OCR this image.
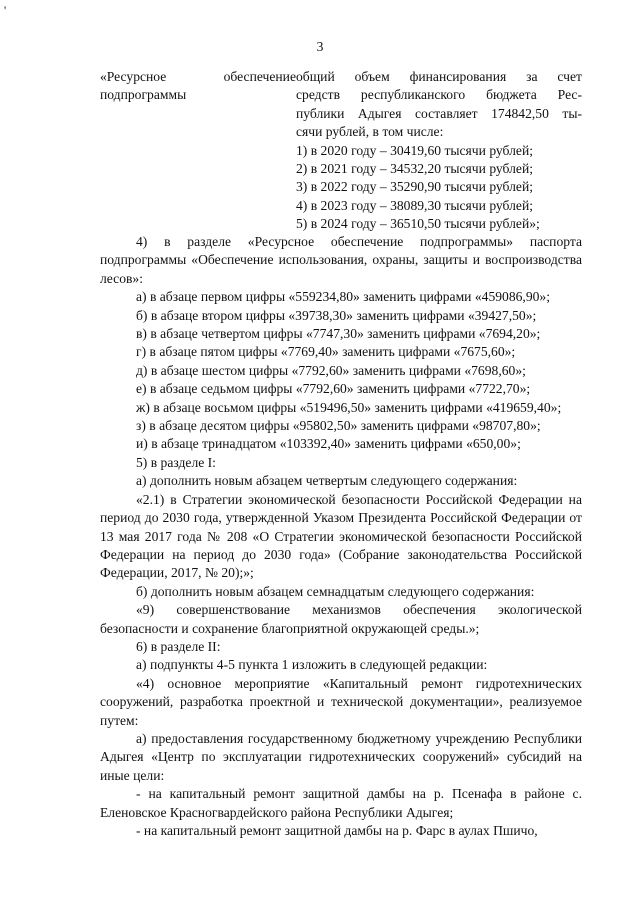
'
3
«Ресурсное обеспечение подпрограммы
общий объем финансирования за счет
средств республиканского бюджета Рес-
публики Адыгея составляет 174842,50 ты-
сячи рублей, в том числе:
1) в 2020 году – 30419,60 тысячи рублей;
2) в 2021 году – 34532,20 тысячи рублей;
3) в 2022 году – 35290,90 тысячи рублей;
4) в 2023 году – 38089,30 тысячи рублей;
5) в 2024 году – 36510,50 тысячи рублей»;

4) в разделе «Ресурсное обеспечение подпрограммы» паспорта подпрограммы «Обеспечение использования, охраны, защиты и воспроизводства лесов»:

а) в абзаце первом цифры «559234,80» заменить цифрами «459086,90»;

б) в абзаце втором цифры «39738,30» заменить цифрами «39427,50»;

в) в абзаце четвертом цифры «7747,30» заменить цифрами «7694,20»;

г) в абзаце пятом цифры «7769,40» заменить цифрами «7675,60»;

д) в абзаце шестом цифры «7792,60» заменить цифрами «7698,60»;

е) в абзаце седьмом цифры «7792,60» заменить цифрами «7722,70»;

ж) в абзаце восьмом цифры «519496,50» заменить цифрами «419659,40»;

з) в абзаце десятом цифры «95802,50» заменить цифрами «98707,80»;

и) в абзаце тринадцатом «103392,40» заменить цифрами «650,00»;

5) в разделе I:

а) дополнить новым абзацем четвертым следующего содержания:

«2.1) в Стратегии экономической безопасности Российской Федерации на период до 2030 года, утвержденной Указом Президента Российской Федерации от 13 мая 2017 года № 208 «О Стратегии экономической безопасности Российской Федерации на период до 2030 года» (Собрание законодательства Российской Федерации, 2017, № 20);»;

б) дополнить новым абзацем семнадцатым следующего содержания:

«9) совершенствование механизмов обеспечения экологической безопасности и сохранение благоприятной окружающей среды.»;

6) в разделе II:

а) подпункты 4-5 пункта 1 изложить в следующей редакции:

«4) основное мероприятие «Капитальный ремонт гидротехнических сооружений, разработка проектной и технической документации», реализуемое путем:

а) предоставления государственному бюджетному учреждению Республики Адыгея «Центр по эксплуатации гидротехнических сооружений» субсидий на иные цели:

- на капитальный ремонт защитной дамбы на р. Псенафа в районе с. Еленовское Красногвардейского района Республики Адыгея;

- на капитальный ремонт защитной дамбы на р. Фарс в аулах Пшичо,
